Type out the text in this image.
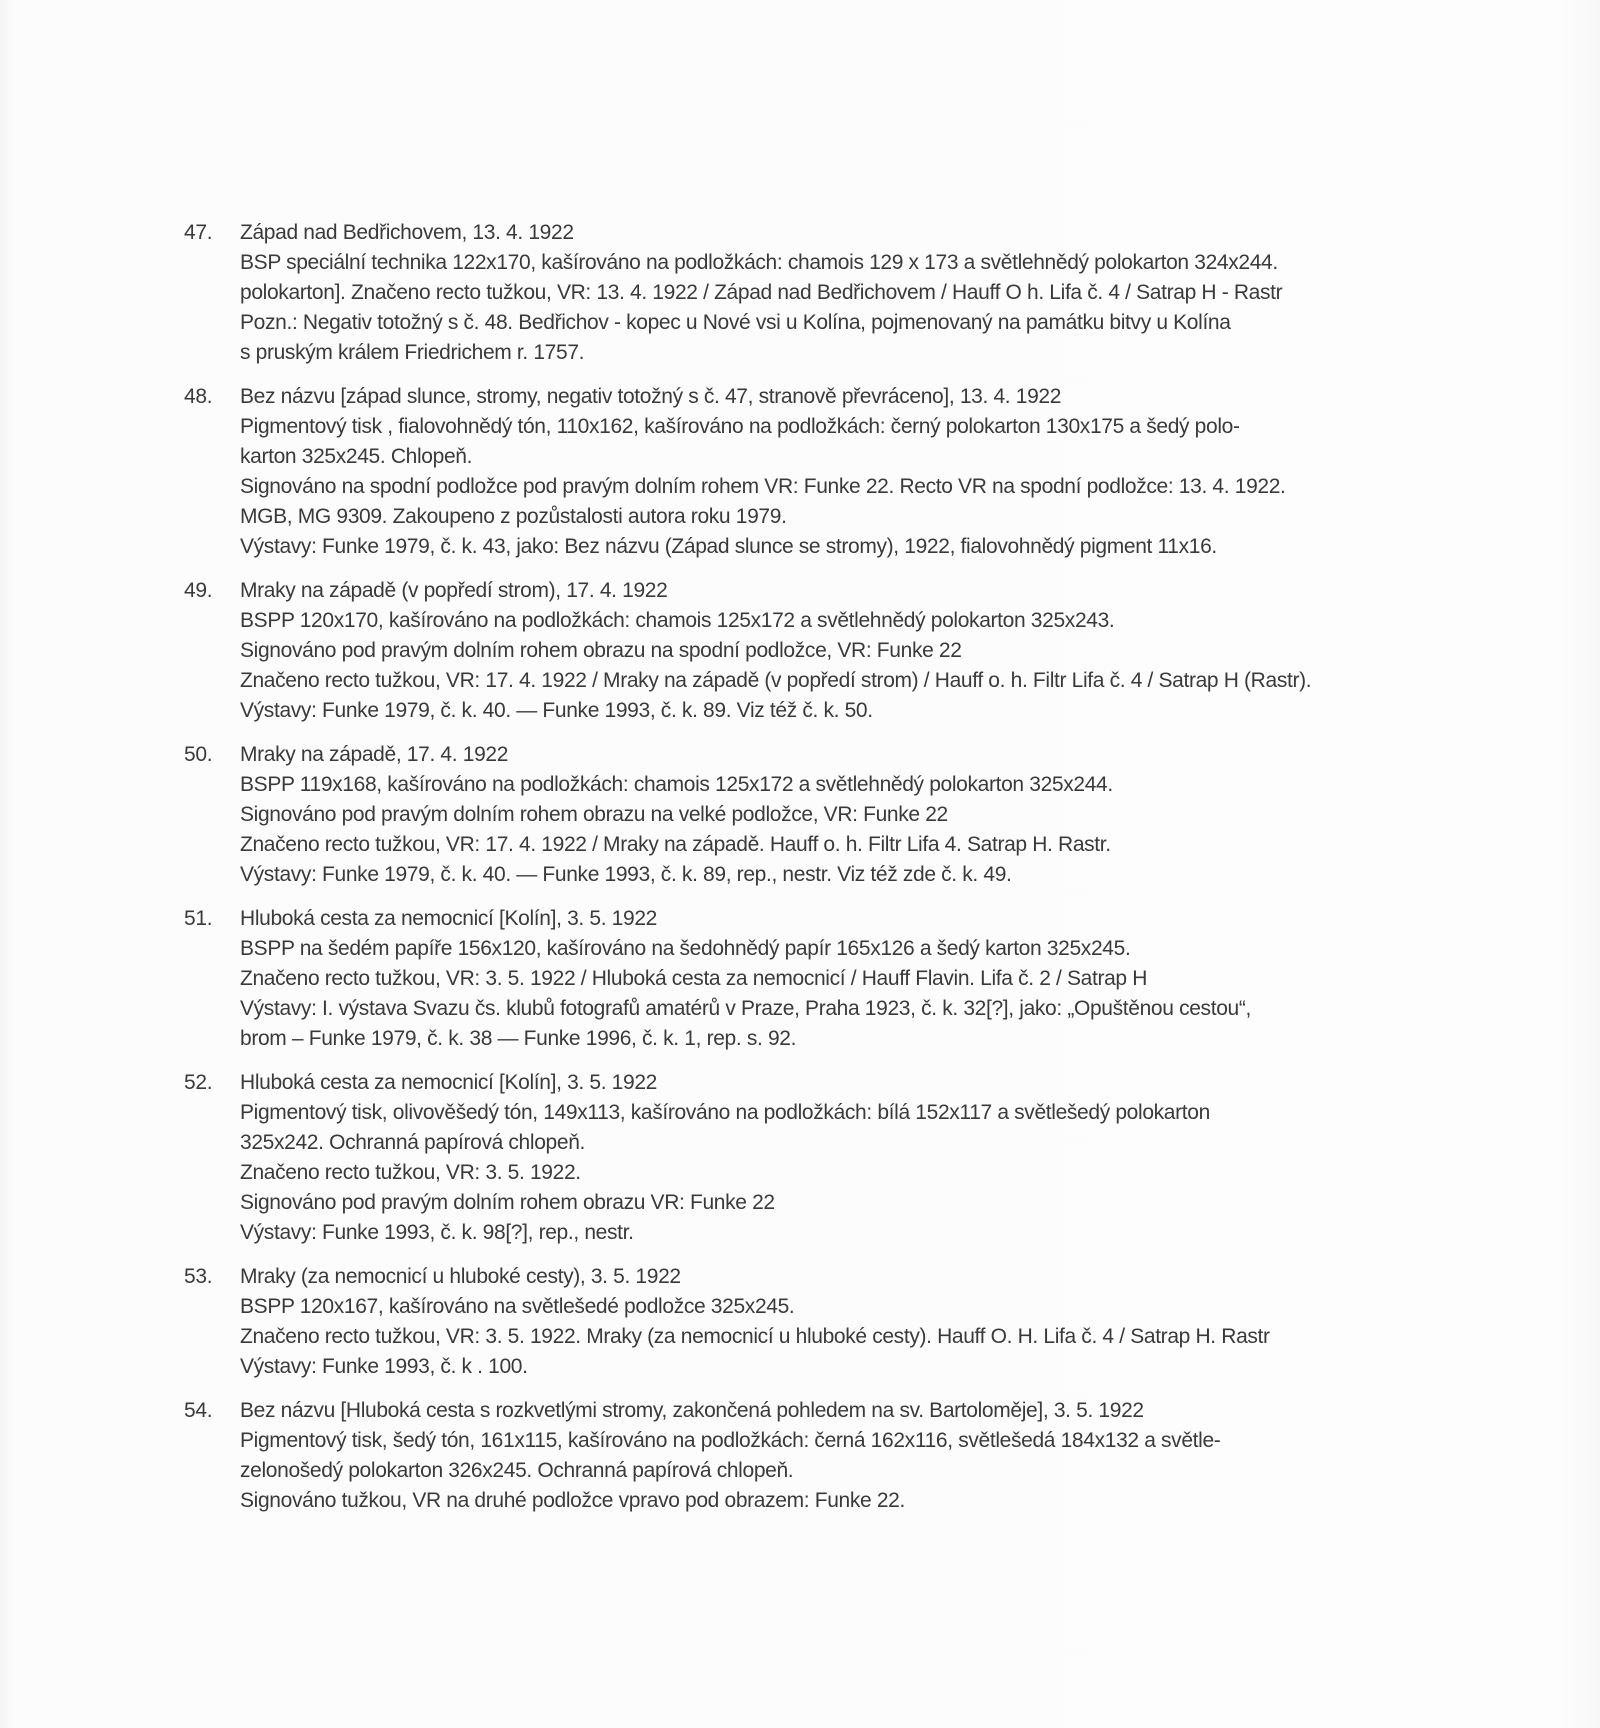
47.	Západ nad Bedřichovem, 13. 4. 1922
BSP speciální technika 122x170, kašírováno na podložkách: chamois 129 x 173 a světlehnědý polokarton 324x244.
polokarton]. Značeno recto tužkou, VR: 13. 4. 1922 / Západ nad Bedřichovem / Hauff O h. Lifa č. 4 / Satrap H - Rastr
Pozn.: Negativ totožný s č. 48. Bedřichov - kopec u Nové vsi u Kolína, pojmenovaný na památku bitvy u Kolína
s pruským králem Friedrichem r. 1757.
48.	Bez názvu [západ slunce, stromy, negativ totožný s č. 47, stranově převráceno], 13. 4. 1922
Pigmentový tisk , fialovohnědý tón, 110x162, kašírováno na podložkách: černý polokarton 130x175 a šedý polo-
karton 325x245. Chlopeň.
Signováno na spodní podložce pod pravým dolním rohem VR: Funke 22. Recto VR na spodní podložce: 13. 4. 1922.
MGB, MG 9309. Zakoupeno z pozůstalosti autora roku 1979.
Výstavy: Funke 1979, č. k. 43, jako: Bez názvu (Západ slunce se stromy), 1922, fialovohnědý pigment 11x16.
49.	Mraky na západě (v popředí strom), 17. 4. 1922
BSPP 120x170, kašírováno na podložkách: chamois 125x172 a světlehnědý polokarton 325x243.
Signováno pod pravým dolním rohem obrazu na spodní podložce, VR: Funke 22
Značeno recto tužkou, VR: 17. 4. 1922 / Mraky na západě (v popředí strom) / Hauff o. h. Filtr Lifa č. 4 / Satrap H (Rastr).
Výstavy: Funke 1979, č. k. 40. — Funke 1993, č. k. 89. Viz též č. k. 50.
50.	Mraky na západě, 17. 4. 1922
BSPP 119x168, kašírováno na podložkách: chamois 125x172 a světlehnědý polokarton 325x244.
Signováno pod pravým dolním rohem obrazu na velké podložce, VR: Funke 22
Značeno recto tužkou, VR: 17. 4. 1922 / Mraky na západě. Hauff o. h. Filtr Lifa 4. Satrap H. Rastr.
Výstavy: Funke 1979, č. k. 40. — Funke 1993, č. k. 89, rep., nestr. Viz též zde č. k. 49.
51.	Hluboká cesta za nemocnicí [Kolín], 3. 5. 1922
BSPP na šedém papíře 156x120, kašírováno na šedohnědý papír 165x126 a šedý karton 325x245.
Značeno recto tužkou, VR: 3. 5. 1922 / Hluboká cesta za nemocnicí / Hauff Flavin. Lifa č. 2 / Satrap H
Výstavy: I. výstava Svazu čs. klubů fotografů amatérů v Praze, Praha 1923, č. k. 32[?], jako: „Opuštěnou cestou“,
brom – Funke 1979, č. k. 38 — Funke 1996, č. k. 1, rep. s. 92.
52.	Hluboká cesta za nemocnicí [Kolín], 3. 5. 1922
Pigmentový tisk, olivověšedý tón, 149x113, kašírováno na podložkách: bílá 152x117 a světlešedý polokarton
325x242. Ochranná papírová chlopeň.
Značeno recto tužkou, VR: 3. 5. 1922.
Signováno pod pravým dolním rohem obrazu VR: Funke 22
Výstavy: Funke 1993, č. k. 98[?], rep., nestr.
53.	Mraky (za nemocnicí u hluboké cesty), 3. 5. 1922
BSPP 120x167, kašírováno na světlešedé podložce 325x245.
Značeno recto tužkou, VR: 3. 5. 1922. Mraky (za nemocnicí u hluboké cesty). Hauff O. H. Lifa č. 4 / Satrap H. Rastr
Výstavy: Funke 1993, č. k . 100.
54.	Bez názvu [Hluboká cesta s rozkvetlými stromy, zakončená pohledem na sv. Bartoloměje], 3. 5. 1922
Pigmentový tisk, šedý tón, 161x115, kašírováno na podložkách: černá 162x116, světlešedá 184x132 a světle-
zelonošedý polokarton 326x245. Ochranná papírová chlopeň.
Signováno tužkou, VR na druhé podložce vpravo pod obrazem: Funke 22.
